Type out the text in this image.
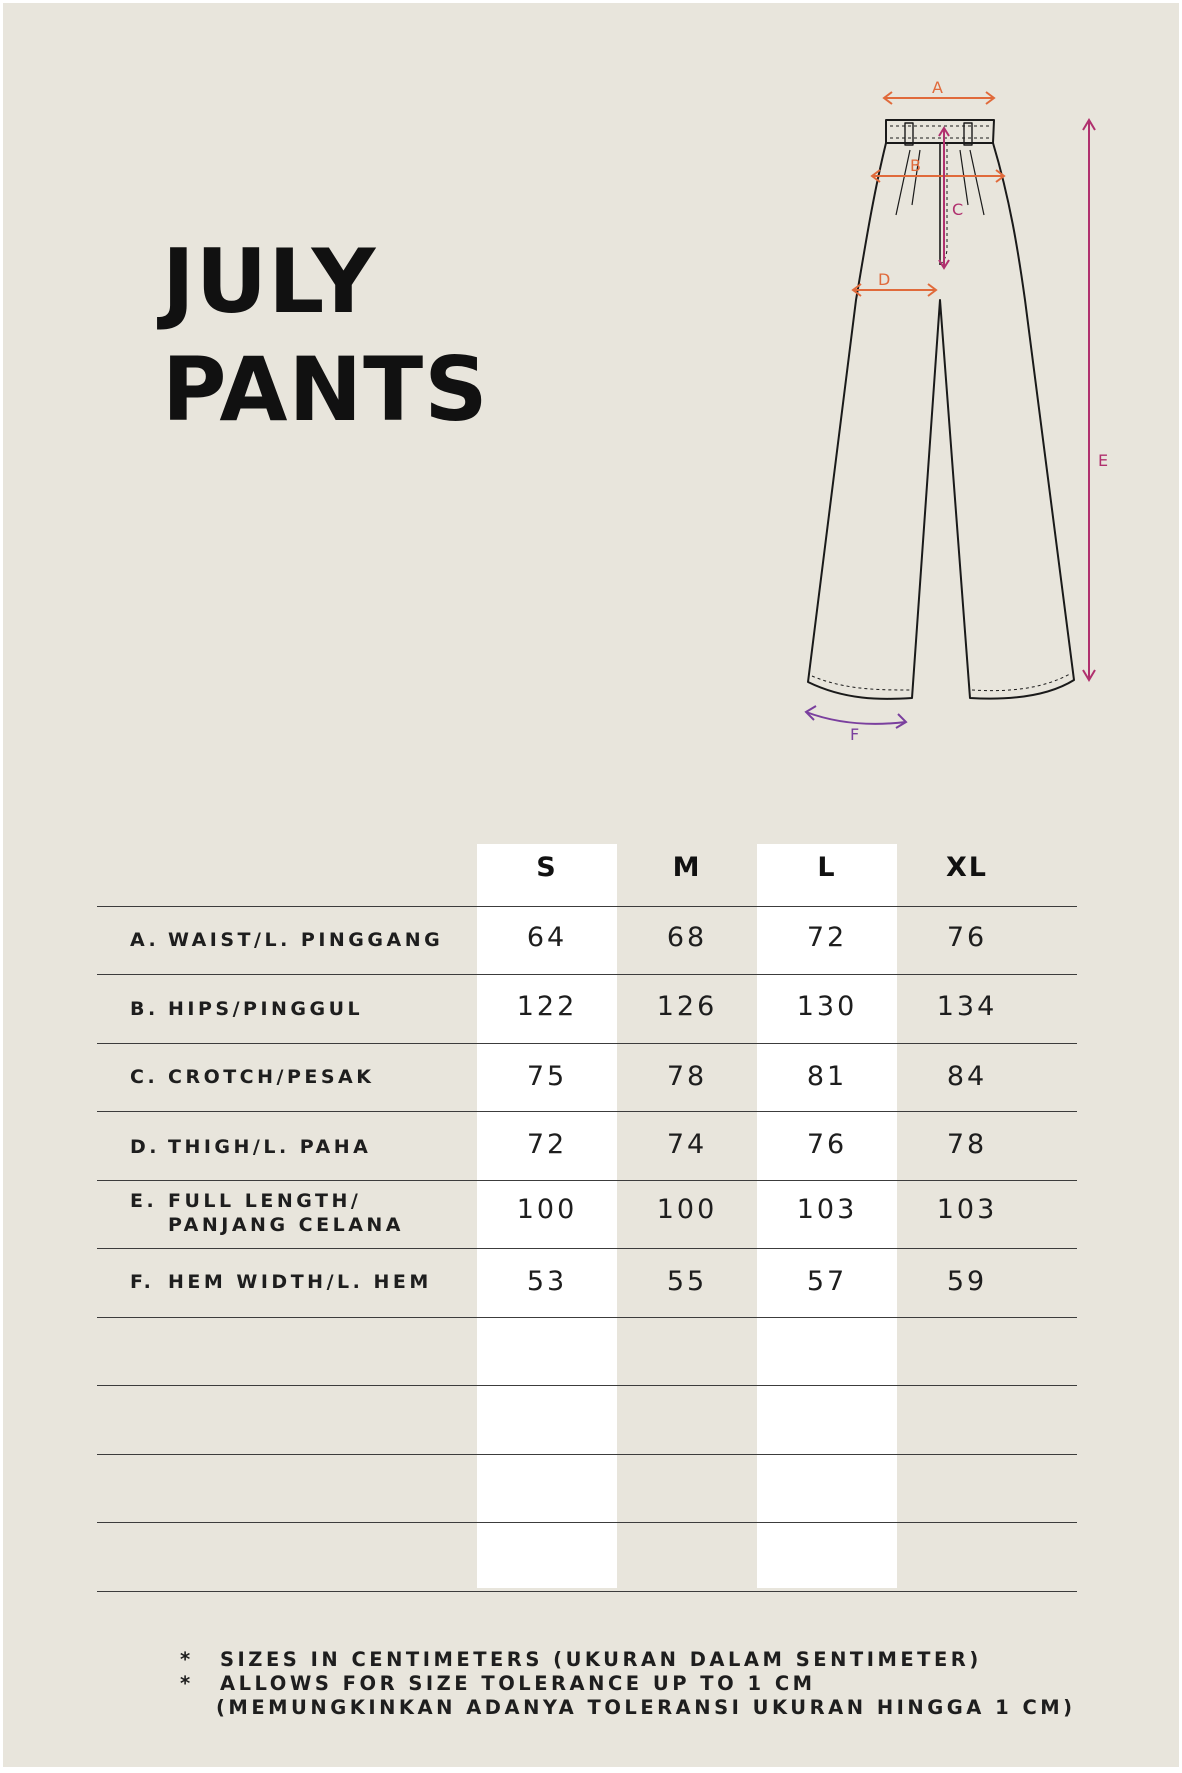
JULY
PANTS
A
B
C
D
E
F
S	M	L	XL
A. WAIST/L. PINGGANG	64	68	72	76
B. HIPS/PINGGUL	122	126	130	134
C. CROTCH/PESAK	75	78	81	84
D. THIGH/L. PAHA	72	74	76	78
E. FULL LENGTH/
PANJANG CELANA	100	100	103	103
F. HEM WIDTH/L. HEM	53	55	57	59
* SIZES IN CENTIMETERS (UKURAN DALAM SENTIMETER)
* ALLOWS FOR SIZE TOLERANCE UP TO 1 CM
(MEMUNGKINKAN ADANYA TOLERANSI UKURAN HINGGA 1 CM)
